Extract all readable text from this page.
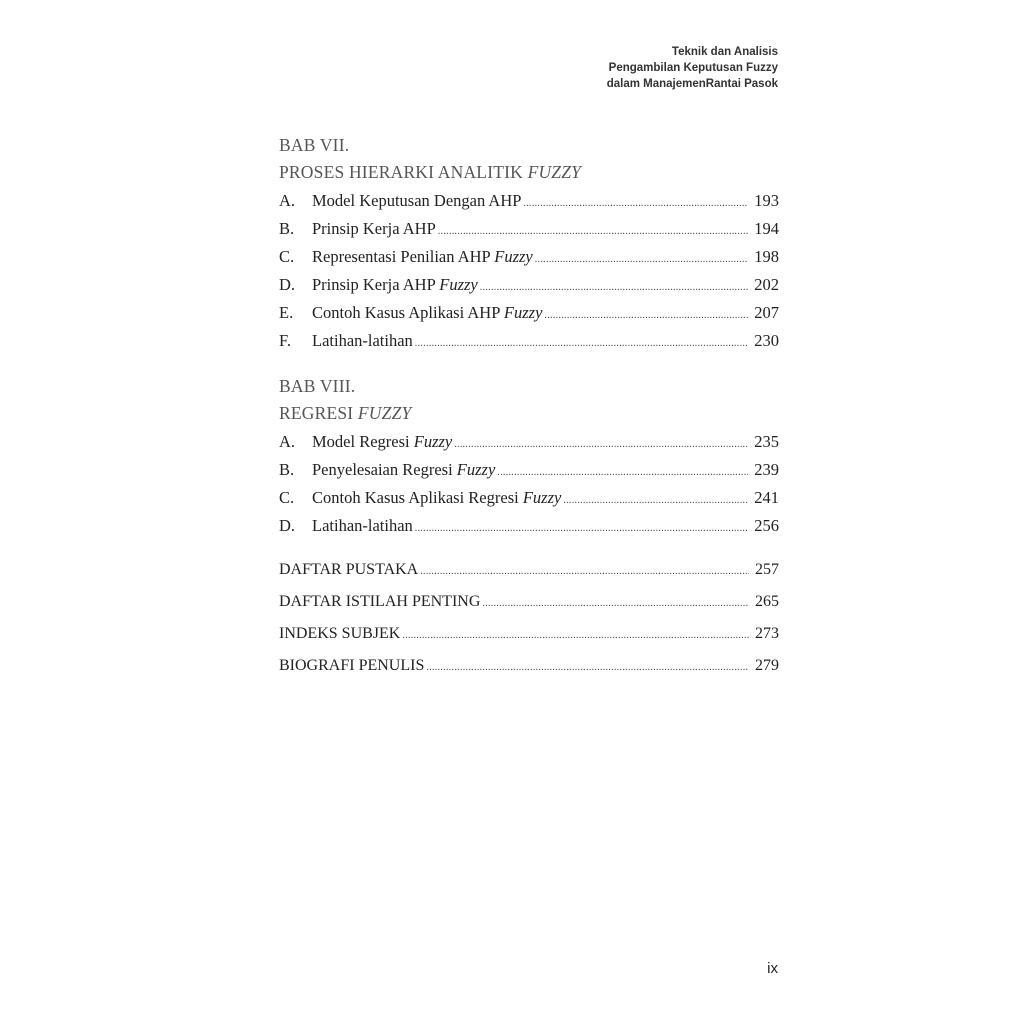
Teknik dan Analisis
Pengambilan Keputusan Fuzzy
dalam ManajemenRantai Pasok
BAB VII.
PROSES HIERARKI ANALITIK FUZZY
A.	Model Keputusan Dengan AHP .....	193
B.	Prinsip Kerja AHP .....	194
C.	Representasi Penilian AHP Fuzzy .....	198
D.	Prinsip Kerja AHP Fuzzy .....	202
E.	Contoh Kasus Aplikasi AHP Fuzzy .....	207
F.	Latihan-latihan .....	230
BAB VIII.
REGRESI FUZZY
A.	Model Regresi Fuzzy .....	235
B.	Penyelesaian Regresi Fuzzy .....	239
C.	Contoh Kasus Aplikasi Regresi Fuzzy .....	241
D.	Latihan-latihan .....	256
DAFTAR PUSTAKA .....	257
DAFTAR ISTILAH PENTING .....	265
INDEKS SUBJEK .....	273
BIOGRAFI PENULIS .....	279
ix
